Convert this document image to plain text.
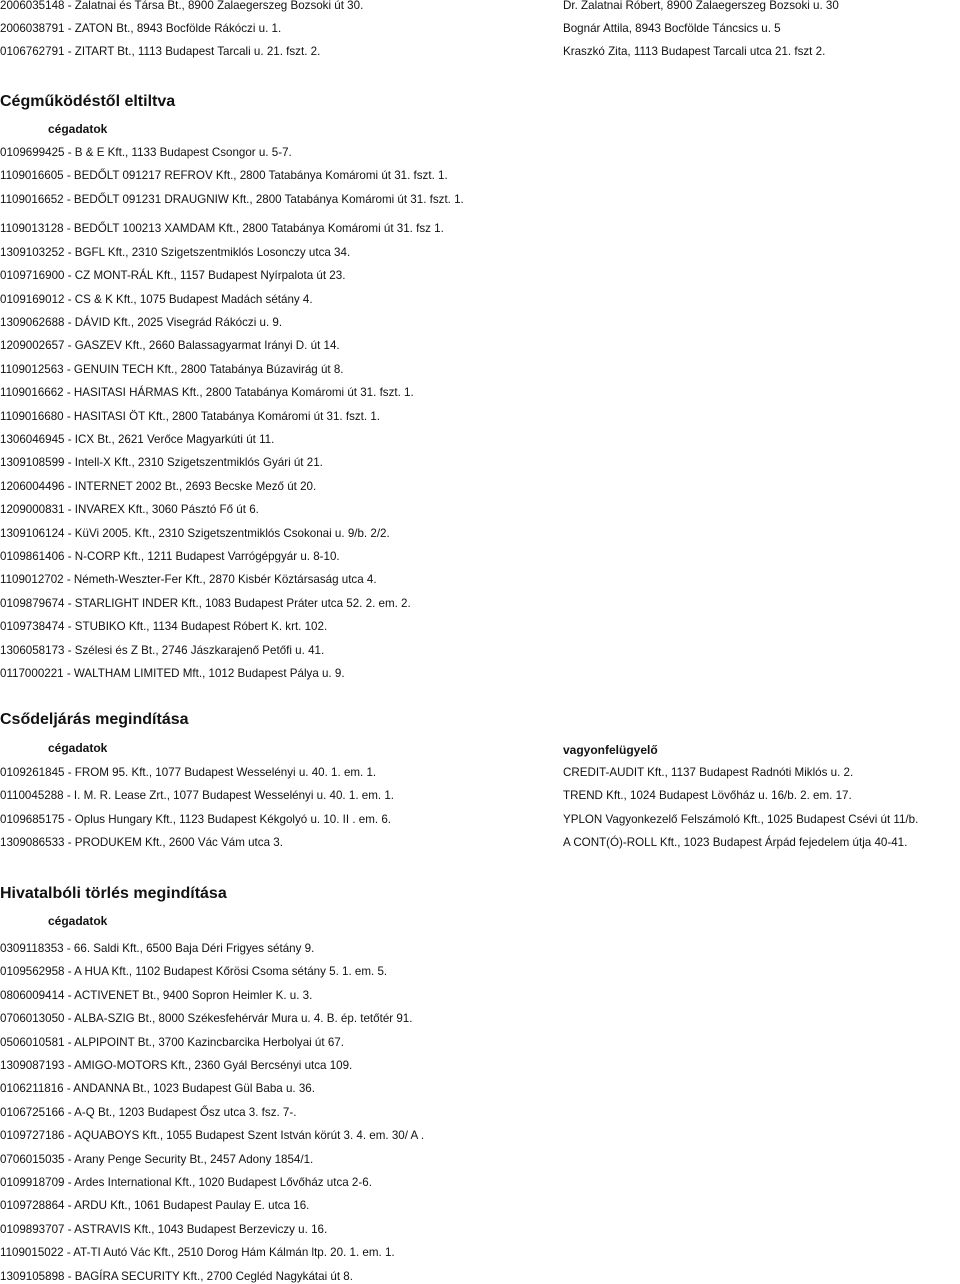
2006035148 - Zalatnai és Társa Bt., 8900 Zalaegerszeg Bozsoki út 30.	Dr. Zalatnai Róbert, 8900 Zalaegerszeg Bozsoki u. 30
2006038791 - ZATON Bt., 8943 Bocfölde Rákóczi u. 1.	Bognár Attila, 8943 Bocfölde Táncsics u. 5
0106762791 - ZITART Bt., 1113 Budapest Tarcali u. 21. fszt. 2.	Kraszkó Zita, 1113 Budapest Tarcali utca 21. fszt 2.
Cégműködéstől eltiltva
cégadatok
0109699425 - B & E Kft., 1133 Budapest Csongor u. 5-7.
1109016605 - BEDŐLT 091217 REFROV Kft., 2800 Tatabánya Komáromi út 31. fszt. 1.
1109016652 - BEDŐLT 091231 DRAUGNIW Kft., 2800 Tatabánya Komáromi út 31. fszt. 1.
1109013128 - BEDŐLT 100213 XAMDAM Kft., 2800 Tatabánya Komáromi út 31. fsz 1.
1309103252 - BGFL Kft., 2310 Szigetszentmiklós Losonczy utca 34.
0109716900 - CZ MONT-RÁL Kft., 1157 Budapest Nyírpalota út 23.
0109169012 - CS & K Kft., 1075 Budapest Madách sétány 4.
1309062688 - DÁVID Kft., 2025 Visegrád Rákóczi u. 9.
1209002657 - GASZEV Kft., 2660 Balassagyarmat Irányi D. út 14.
1109012563 - GENUIN TECH Kft., 2800 Tatabánya Búzavirág út 8.
1109016662 - HASITASI HÁRMAS Kft., 2800 Tatabánya Komáromi út 31. fszt. 1.
1109016680 - HASITASI ÖT Kft., 2800 Tatabánya Komáromi út 31. fszt. 1.
1306046945 - ICX Bt., 2621 Verőce Magyarkúti út 11.
1309108599 - Intell-X Kft., 2310 Szigetszentmiklós Gyári út 21.
1206004496 - INTERNET 2002 Bt., 2693 Becske Mező út 20.
1209000831 - INVAREX Kft., 3060 Pásztó Fő út 6.
1309106124 - KüVi 2005. Kft., 2310 Szigetszentmiklós Csokonai u. 9/b. 2/2.
0109861406 - N-CORP Kft., 1211 Budapest Varrógépgyár u. 8-10.
1109012702 - Németh-Weszter-Fer Kft., 2870 Kisbér Köztársaság utca 4.
0109879674 - STARLIGHT INDER Kft., 1083 Budapest Práter utca 52. 2. em. 2.
0109738474 - STUBIKO Kft., 1134 Budapest Róbert K. krt. 102.
1306058173 - Szélesi és Z Bt., 2746 Jászkarajenő Petőfi u. 41.
0117000221 - WALTHAM LIMITED Mft., 1012 Budapest Pálya u. 9.
Csődeljárás megindítása
cégadatok	vagyonfelügyelő
0109261845 - FROM 95. Kft., 1077 Budapest Wesselényi u. 40. 1. em. 1.	CREDIT-AUDIT Kft., 1137 Budapest Radnóti Miklós u. 2.
0110045288 - I. M. R. Lease Zrt., 1077 Budapest Wesselényi u. 40. 1. em. 1.	TREND Kft., 1024 Budapest Lövőház u. 16/b. 2. em. 17.
0109685175 - Oplus Hungary Kft., 1123 Budapest Kékgolyó u. 10. II . em. 6.	YPLON Vagyonkezelő Felszámoló Kft., 1025 Budapest Csévi út 11/b.
1309086533 - PRODUKEM Kft., 2600 Vác Vám utca 3.	A CONT(Ó)-ROLL Kft., 1023 Budapest Árpád fejedelem útja 40-41.
Hivatalbóli törlés megindítása
cégadatok
0309118353 - 66. Saldi Kft., 6500 Baja Déri Frigyes sétány 9.
0109562958 - A HUA Kft., 1102 Budapest Kőrösi Csoma sétány 5. 1. em. 5.
0806009414 - ACTIVENET Bt., 9400 Sopron Heimler K. u. 3.
0706013050 - ALBA-SZIG Bt., 8000 Székesfehérvár Mura u. 4. B. ép. tetőtér 91.
0506010581 - ALPIPOINT Bt., 3700 Kazincbarcika Herbolyai út 67.
1309087193 - AMIGO-MOTORS Kft., 2360 Gyál Bercsényi utca 109.
0106211816 - ANDANNA Bt., 1023 Budapest Gül Baba u. 36.
0106725166 - A-Q Bt., 1203 Budapest Ősz utca 3. fsz. 7-.
0109727186 - AQUABOYS Kft., 1055 Budapest Szent István körút 3. 4. em. 30/ A .
0706015035 - Arany Penge Security Bt., 2457 Adony 1854/1.
0109918709 - Ardes International Kft., 1020 Budapest Lővőház utca 2-6.
0109728864 - ARDU Kft., 1061 Budapest Paulay E. utca 16.
0109893707 - ASTRAVIS Kft., 1043 Budapest Berzeviczy u. 16.
1109015022 - AT-TI Autó Vác Kft., 2510 Dorog Hám Kálmán ltp. 20. 1. em. 1.
1309105898 - BAGÍRA SECURITY Kft., 2700 Cegléd Nagykátai út 8.
